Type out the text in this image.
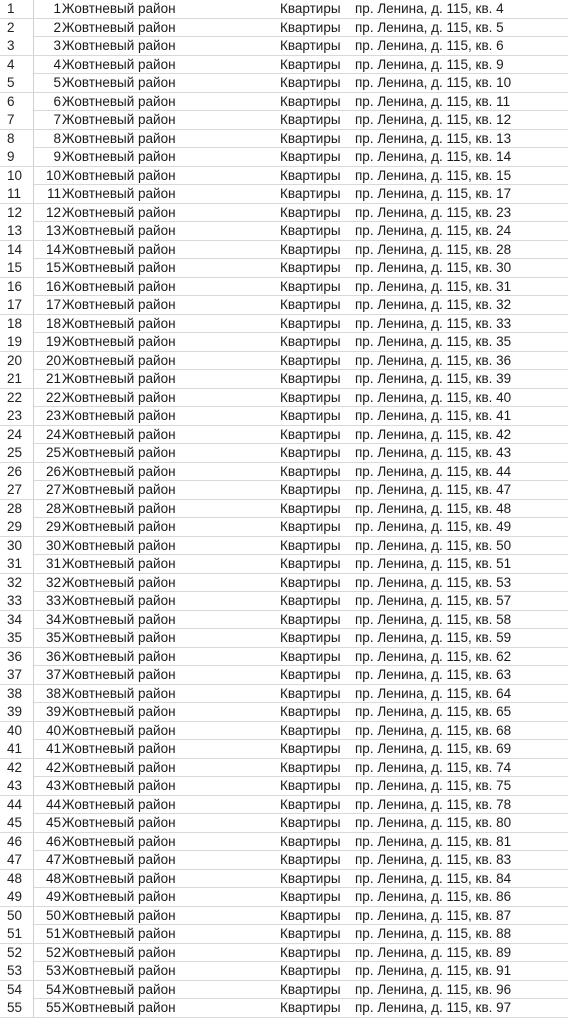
1	1 Жовтневый район	Квартиры	пр. Ленина, д. 115, кв. 4
2	2 Жовтневый район	Квартиры	пр. Ленина, д. 115, кв. 5
3	3 Жовтневый район	Квартиры	пр. Ленина, д. 115, кв. 6
4	4 Жовтневый район	Квартиры	пр. Ленина, д. 115, кв. 9
5	5 Жовтневый район	Квартиры	пр. Ленина, д. 115, кв. 10
6	6 Жовтневый район	Квартиры	пр. Ленина, д. 115, кв. 11
7	7 Жовтневый район	Квартиры	пр. Ленина, д. 115, кв. 12
8	8 Жовтневый район	Квартиры	пр. Ленина, д. 115, кв. 13
9	9 Жовтневый район	Квартиры	пр. Ленина, д. 115, кв. 14
10	10 Жовтневый район	Квартиры	пр. Ленина, д. 115, кв. 15
11	11 Жовтневый район	Квартиры	пр. Ленина, д. 115, кв. 17
12	12 Жовтневый район	Квартиры	пр. Ленина, д. 115, кв. 23
13	13 Жовтневый район	Квартиры	пр. Ленина, д. 115, кв. 24
14	14 Жовтневый район	Квартиры	пр. Ленина, д. 115, кв. 28
15	15 Жовтневый район	Квартиры	пр. Ленина, д. 115, кв. 30
16	16 Жовтневый район	Квартиры	пр. Ленина, д. 115, кв. 31
17	17 Жовтневый район	Квартиры	пр. Ленина, д. 115, кв. 32
18	18 Жовтневый район	Квартиры	пр. Ленина, д. 115, кв. 33
19	19 Жовтневый район	Квартиры	пр. Ленина, д. 115, кв. 35
20	20 Жовтневый район	Квартиры	пр. Ленина, д. 115, кв. 36
21	21 Жовтневый район	Квартиры	пр. Ленина, д. 115, кв. 39
22	22 Жовтневый район	Квартиры	пр. Ленина, д. 115, кв. 40
23	23 Жовтневый район	Квартиры	пр. Ленина, д. 115, кв. 41
24	24 Жовтневый район	Квартиры	пр. Ленина, д. 115, кв. 42
25	25 Жовтневый район	Квартиры	пр. Ленина, д. 115, кв. 43
26	26 Жовтневый район	Квартиры	пр. Ленина, д. 115, кв. 44
27	27 Жовтневый район	Квартиры	пр. Ленина, д. 115, кв. 47
28	28 Жовтневый район	Квартиры	пр. Ленина, д. 115, кв. 48
29	29 Жовтневый район	Квартиры	пр. Ленина, д. 115, кв. 49
30	30 Жовтневый район	Квартиры	пр. Ленина, д. 115, кв. 50
31	31 Жовтневый район	Квартиры	пр. Ленина, д. 115, кв. 51
32	32 Жовтневый район	Квартиры	пр. Ленина, д. 115, кв. 53
33	33 Жовтневый район	Квартиры	пр. Ленина, д. 115, кв. 57
34	34 Жовтневый район	Квартиры	пр. Ленина, д. 115, кв. 58
35	35 Жовтневый район	Квартиры	пр. Ленина, д. 115, кв. 59
36	36 Жовтневый район	Квартиры	пр. Ленина, д. 115, кв. 62
37	37 Жовтневый район	Квартиры	пр. Ленина, д. 115, кв. 63
38	38 Жовтневый район	Квартиры	пр. Ленина, д. 115, кв. 64
39	39 Жовтневый район	Квартиры	пр. Ленина, д. 115, кв. 65
40	40 Жовтневый район	Квартиры	пр. Ленина, д. 115, кв. 68
41	41 Жовтневый район	Квартиры	пр. Ленина, д. 115, кв. 69
42	42 Жовтневый район	Квартиры	пр. Ленина, д. 115, кв. 74
43	43 Жовтневый район	Квартиры	пр. Ленина, д. 115, кв. 75
44	44 Жовтневый район	Квартиры	пр. Ленина, д. 115, кв. 78
45	45 Жовтневый район	Квартиры	пр. Ленина, д. 115, кв. 80
46	46 Жовтневый район	Квартиры	пр. Ленина, д. 115, кв. 81
47	47 Жовтневый район	Квартиры	пр. Ленина, д. 115, кв. 83
48	48 Жовтневый район	Квартиры	пр. Ленина, д. 115, кв. 84
49	49 Жовтневый район	Квартиры	пр. Ленина, д. 115, кв. 86
50	50 Жовтневый район	Квартиры	пр. Ленина, д. 115, кв. 87
51	51 Жовтневый район	Квартиры	пр. Ленина, д. 115, кв. 88
52	52 Жовтневый район	Квартиры	пр. Ленина, д. 115, кв. 89
53	53 Жовтневый район	Квартиры	пр. Ленина, д. 115, кв. 91
54	54 Жовтневый район	Квартиры	пр. Ленина, д. 115, кв. 96
55	55 Жовтневый район	Квартиры	пр. Ленина, д. 115, кв. 97
